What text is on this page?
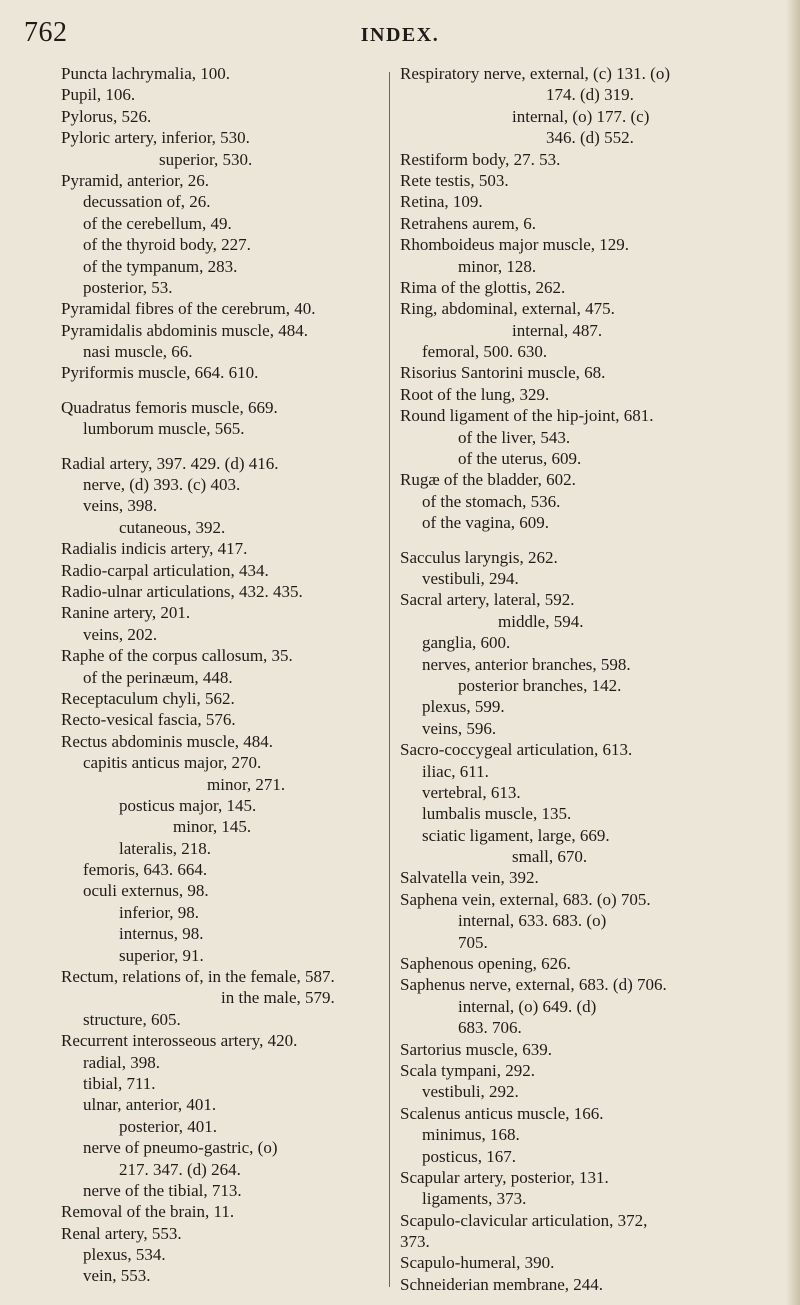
762	INDEX.
Puncta lachrymalia, 100.
Pupil, 106.
Pylorus, 526.
Pyloric artery, inferior, 530.
superior, 530.
Pyramid, anterior, 26.
decussation of, 26.
of the cerebellum, 49.
of the thyroid body, 227.
of the tympanum, 283.
posterior, 53.
Pyramidal fibres of the cerebrum, 40.
Pyramidalis abdominis muscle, 484.
nasi muscle, 66.
Pyriformis muscle, 664. 610.
Quadratus femoris muscle, 669.
lumborum muscle, 565.
Radial artery, 397. 429. (d) 416.
nerve, (d) 393. (c) 403.
veins, 398.
cutaneous, 392.
Radialis indicis artery, 417.
Radio-carpal articulation, 434.
Radio-ulnar articulations, 432. 435.
Ranine artery, 201.
veins, 202.
Raphe of the corpus callosum, 35.
of the perinæum, 448.
Receptaculum chyli, 562.
Recto-vesical fascia, 576.
Rectus abdominis muscle, 484.
capitis anticus major, 270.
minor, 271.
posticus major, 145.
minor, 145.
lateralis, 218.
femoris, 643. 664.
oculi externus, 98.
inferior, 98.
internus, 98.
superior, 91.
Rectum, relations of, in the female, 587.
in the male, 579.
structure, 605.
Recurrent interosseous artery, 420.
radial, 398.
tibial, 711.
ulnar, anterior, 401.
posterior, 401.
nerve of pneumo-gastric, (o)
217. 347. (d) 264.
nerve of the tibial, 713.
Removal of the brain, 11.
Renal artery, 553.
plexus, 534.
vein, 553.
Respiratory nerve, external, (c) 131. (o)
174. (d) 319.
internal, (o) 177. (c)
346. (d) 552.
Restiform body, 27. 53.
Rete testis, 503.
Retina, 109.
Retrahens aurem, 6.
Rhomboideus major muscle, 129.
minor, 128.
Rima of the glottis, 262.
Ring, abdominal, external, 475.
internal, 487.
femoral, 500. 630.
Risorius Santorini muscle, 68.
Root of the lung, 329.
Round ligament of the hip-joint, 681.
of the liver, 543.
of the uterus, 609.
Rugæ of the bladder, 602.
of the stomach, 536.
of the vagina, 609.
Sacculus laryngis, 262.
vestibuli, 294.
Sacral artery, lateral, 592.
middle, 594.
ganglia, 600.
nerves, anterior branches, 598.
posterior branches, 142.
plexus, 599.
veins, 596.
Sacro-coccygeal articulation, 613.
iliac, 611.
vertebral, 613.
lumbalis muscle, 135.
sciatic ligament, large, 669.
small, 670.
Salvatella vein, 392.
Saphena vein, external, 683. (o) 705.
internal, 633. 683. (o)
705.
Saphenous opening, 626.
Saphenus nerve, external, 683. (d) 706.
internal, (o) 649. (d)
683. 706.
Sartorius muscle, 639.
Scala tympani, 292.
vestibuli, 292.
Scalenus anticus muscle, 166.
minimus, 168.
posticus, 167.
Scapular artery, posterior, 131.
ligaments, 373.
Scapulo-clavicular articulation, 372,
373.
Scapulo-humeral, 390.
Schneiderian membrane, 244.
